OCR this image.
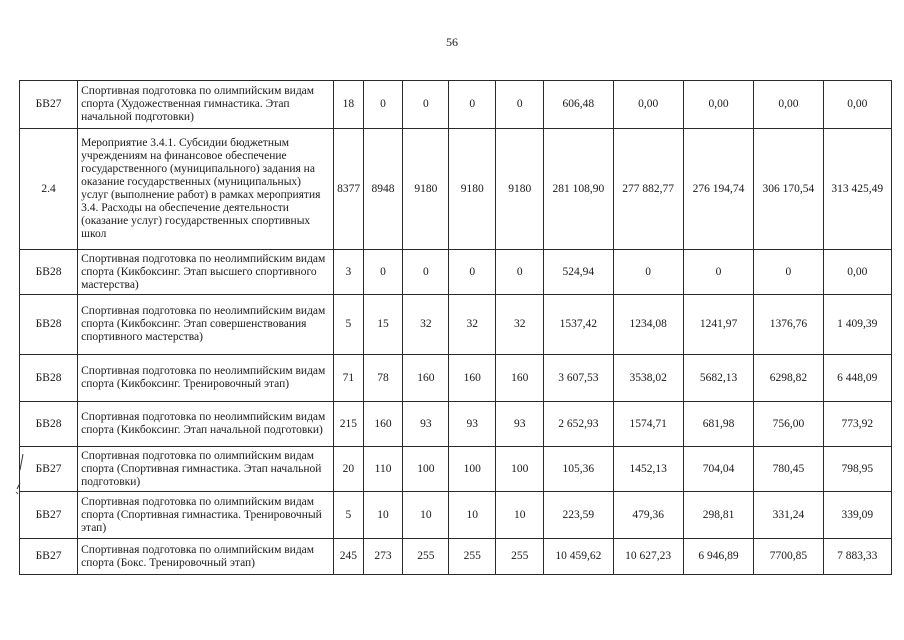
56
БВ27	Спортивная подготовка по олимпийским видам спорта (Художественная гимнастика. Этап начальной подготовки)	18	0	0	0	0	606,48	0,00	0,00	0,00	0,00
2.4	Мероприятие 3.4.1. Субсидии бюджетным учреждениям на финансовое обеспечение государственного (муниципального) задания на оказание государственных (муниципальных) услуг (выполнение работ) в рамках мероприятия 3.4. Расходы на обеспечение деятельности (оказание услуг) государственных спортивных школ	8377	8948	9180	9180	9180	281 108,90	277 882,77	276 194,74	306 170,54	313 425,49
БВ28	Спортивная подготовка по неолимпийским видам спорта (Кикбоксинг. Этап высшего спортивного мастерства)	3	0	0	0	0	524,94	0	0	0	0,00
БВ28	Спортивная подготовка по неолимпийским видам спорта (Кикбоксинг. Этап совершенствования спортивного мастерства)	5	15	32	32	32	1537,42	1234,08	1241,97	1376,76	1 409,39
БВ28	Спортивная подготовка по неолимпийским видам спорта (Кикбоксинг. Тренировочный этап)	71	78	160	160	160	3 607,53	3538,02	5682,13	6298,82	6 448,09
БВ28	Спортивная подготовка по неолимпийским видам спорта (Кикбоксинг. Этап начальной подготовки)	215	160	93	93	93	2 652,93	1574,71	681,98	756,00	773,92
БВ27	Спортивная подготовка по олимпийским видам спорта (Спортивная гимнастика. Этап начальной подготовки)	20	110	100	100	100	105,36	1452,13	704,04	780,45	798,95
БВ27	Спортивная подготовка по олимпийским видам спорта (Спортивная гимнастика. Тренировочный этап)	5	10	10	10	10	223,59	479,36	298,81	331,24	339,09
БВ27	Спортивная подготовка по олимпийским видам спорта (Бокс. Тренировочный этап)	245	273	255	255	255	10 459,62	10 627,23	6 946,89	7700,85	7 883,33
